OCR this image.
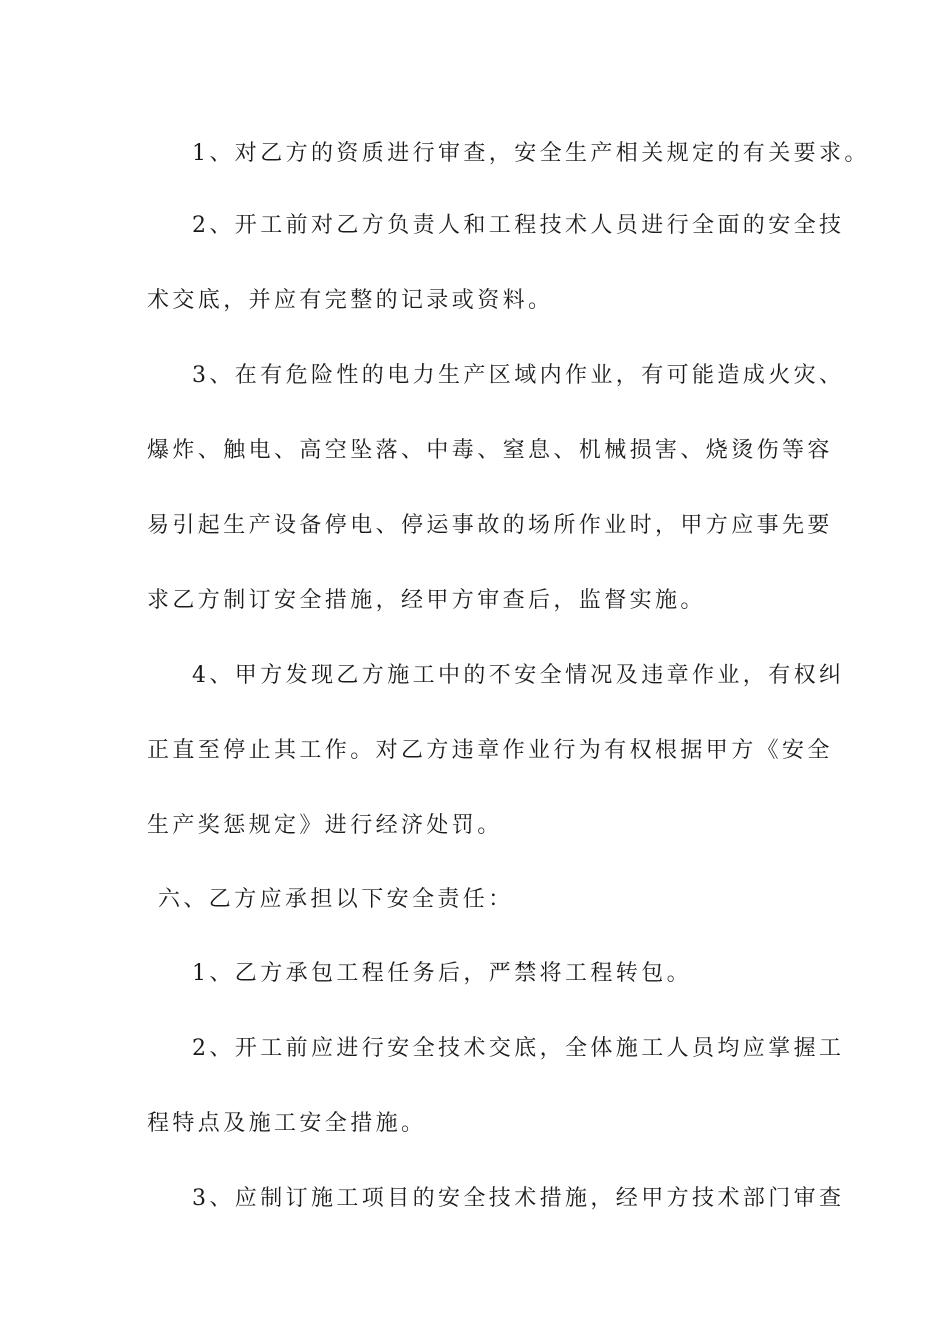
1、对乙方的资质进行审查，安全生产相关规定的有关要求。
2、开工前对乙方负责人和工程技术人员进行全面的安全技
术交底，并应有完整的记录或资料。
3、在有危险性的电力生产区域内作业，有可能造成火灾、
爆炸、触电、高空坠落、中毒、窒息、机械损害、烧烫伤等容
易引起生产设备停电、停运事故的场所作业时，甲方应事先要
求乙方制订安全措施，经甲方审查后，监督实施。
4、甲方发现乙方施工中的不安全情况及违章作业，有权纠
正直至停止其工作。对乙方违章作业行为有权根据甲方《安全
生产奖惩规定》进行经济处罚。
六、乙方应承担以下安全责任：
1、乙方承包工程任务后，严禁将工程转包。
2、开工前应进行安全技术交底，全体施工人员均应掌握工
程特点及施工安全措施。
3、应制订施工项目的安全技术措施，经甲方技术部门审查
